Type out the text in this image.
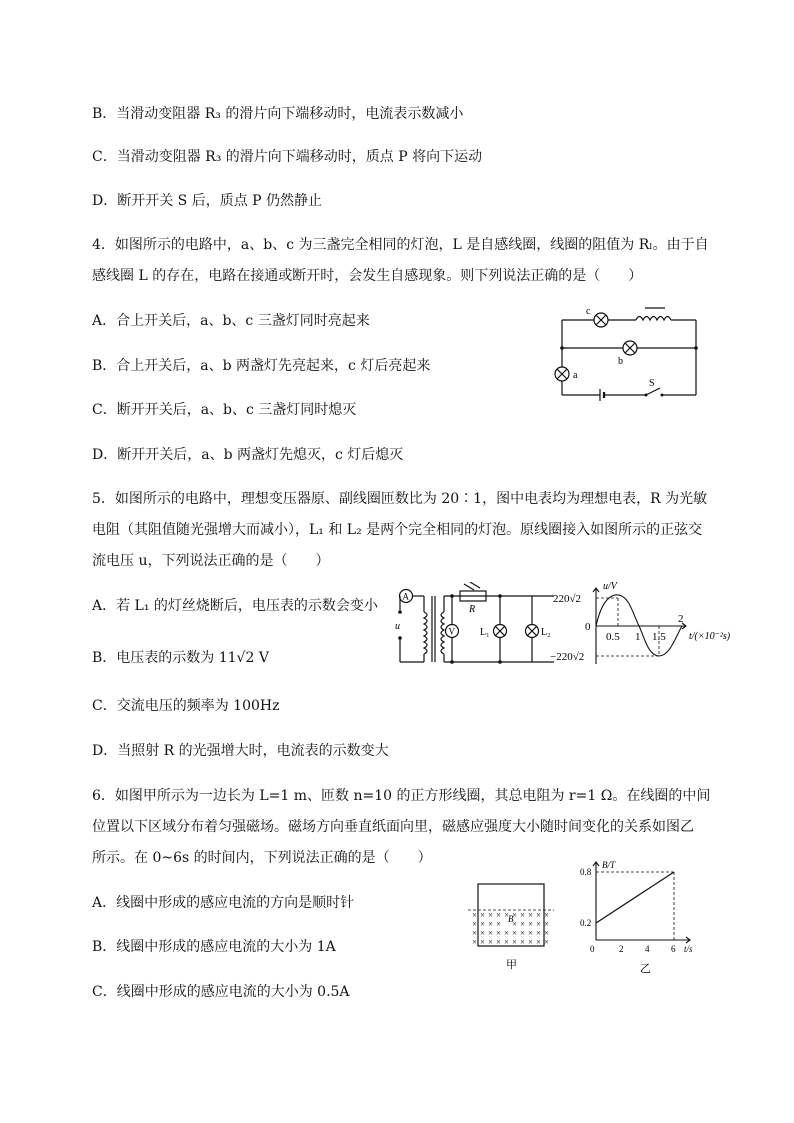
B．当滑动变阻器 R₃ 的滑片向下端移动时，电流表示数减小
C．当滑动变阻器 R₃ 的滑片向下端移动时，质点 P 将向下运动
D．断开开关 S 后，质点 P 仍然静止
4．如图所示的电路中，a、b、c 为三盏完全相同的灯泡，L 是自感线圈，线圈的阻值为 Rₗ。由于自
感线圈 L 的存在，电路在接通或断开时，会发生自感现象。则下列说法正确的是（　　）
A．合上开关后，a、b、c 三盏灯同时亮起来
B．合上开关后，a、b 两盏灯先亮起来，c 灯后亮起来
C．断开开关后，a、b、c 三盏灯同时熄灭
D．断开开关后，a、b 两盏灯先熄灭，c 灯后熄灭
5．如图所示的电路中，理想变压器原、副线圈匝数比为 20∶1，图中电表均为理想电表，R 为光敏
电阻（其阻值随光强增大而减小），L₁ 和 L₂ 是两个完全相同的灯泡。原线圈接入如图所示的正弦交
流电压 u，下列说法正确的是（　　）
A．若 L₁ 的灯丝烧断后，电压表的示数会变小
B．电压表的示数为 11√2 V
C．交流电压的频率为 100Hz
D．当照射 R 的光强增大时，电流表的示数变大
6．如图甲所示为一边长为 L=1 m、匝数 n=10 的正方形线圈，其总电阻为 r=1 Ω。在线圈的中间
位置以下区域分布着匀强磁场。磁场方向垂直纸面向里，磁感应强度大小随时间变化的关系如图乙
所示。在 0~6s 的时间内，下列说法正确的是（　　）
A．线圈中形成的感应电流的方向是顺时针
B．线圈中形成的感应电流的大小为 1A
C．线圈中形成的感应电流的大小为 0.5A
c
b
a
S
A
V
R
u
L₁	L₂
u/V
220√2
−220√2
0
0.5 1 1.5
2
t/(×10⁻²s)
× × × × × × × × × ×
× × × × × × × × ×
× × × × × × × × × ×
× × × × × × × × × ×
B
甲
0.8
0.2
2 4 6
B/T
t/s
0
乙
